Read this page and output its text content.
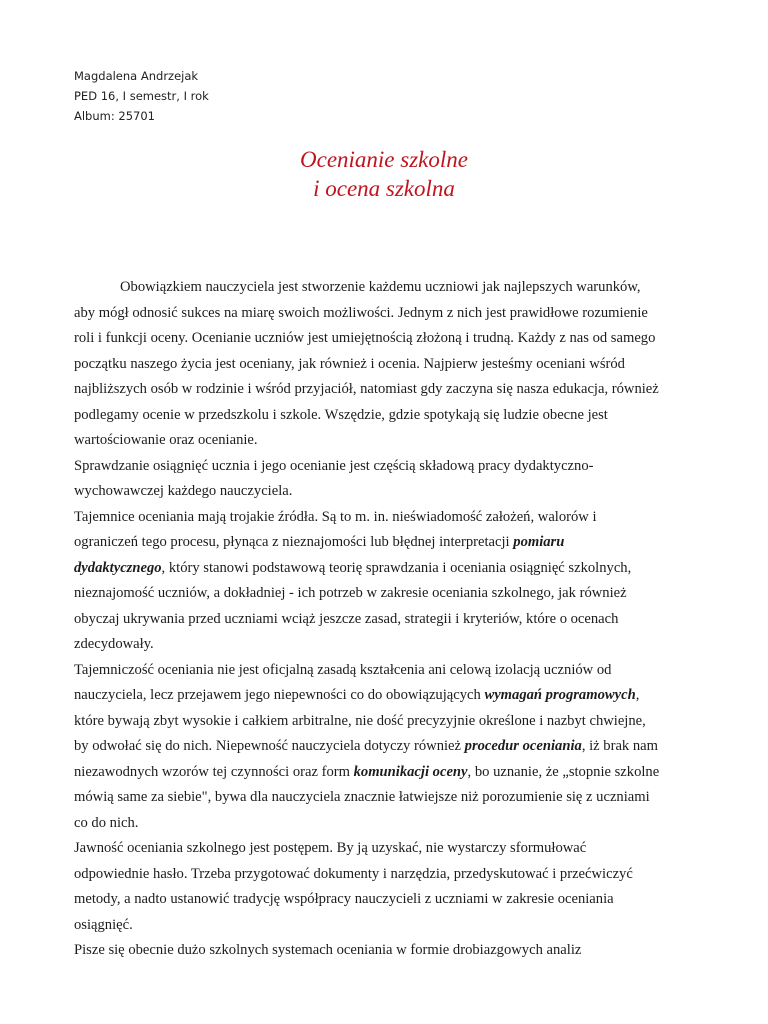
Magdalena Andrzejak
PED 16, I semestr, I rok
Album: 25701
Ocenianie szkolne
i ocena szkolna
Obowiązkiem nauczyciela jest stworzenie każdemu uczniowi jak najlepszych warunków,
aby mógł odnosić sukces na miarę swoich możliwości. Jednym z nich jest prawidłowe rozumienie
roli i funkcji oceny. Ocenianie uczniów jest umiejętnością złożoną i trudną. Każdy z nas od samego
początku naszego życia jest oceniany, jak również i ocenia. Najpierw jesteśmy oceniani wśród
najbliższych osób w rodzinie i wśród przyjaciół, natomiast gdy zaczyna się nasza edukacja, również
podlegamy ocenie w przedszkolu i szkole. Wszędzie, gdzie spotykają się ludzie obecne jest
wartościowanie oraz ocenianie.
Sprawdzanie osiągnięć ucznia i jego ocenianie jest częścią składową pracy dydaktyczno-
wychowawczej każdego nauczyciela.
Tajemnice oceniania mają trojakie źródła. Są to m. in. nieświadomość założeń, walorów i
ograniczeń tego procesu, płynąca z nieznajomości lub błędnej interpretacji pomiaru
dydaktycznego, który stanowi podstawową teorię sprawdzania i oceniania osiągnięć szkolnych,
nieznajomość uczniów, a dokładniej - ich potrzeb w zakresie oceniania szkolnego, jak również
obyczaj ukrywania przed uczniami wciąż jeszcze zasad, strategii i kryteriów, które o ocenach
zdecydowały.
Tajemniczość oceniania nie jest oficjalną zasadą kształcenia ani celową izolacją uczniów od
nauczyciela, lecz przejawem jego niepewności co do obowiązujących wymagań programowych,
które bywają zbyt wysokie i całkiem arbitralne, nie dość precyzyjnie określone i nazbyt chwiejne,
by odwołać się do nich. Niepewność nauczyciela dotyczy również procedur oceniania, iż brak nam
niezawodnych wzorów tej czynności oraz form komunikacji oceny, bo uznanie, że „stopnie szkolne
mówią same za siebie", bywa dla nauczyciela znacznie łatwiejsze niż porozumienie się z uczniami
co do nich.
Jawność oceniania szkolnego jest postępem. By ją uzyskać, nie wystarczy sformułować
odpowiednie hasło. Trzeba przygotować dokumenty i narzędzia, przedyskutować i przećwiczyć
metody, a nadto ustanowić tradycję współpracy nauczycieli z uczniami w zakresie oceniania
osiągnięć.
Pisze się obecnie dużo szkolnych systemach oceniania w formie drobiazgowych analiz
